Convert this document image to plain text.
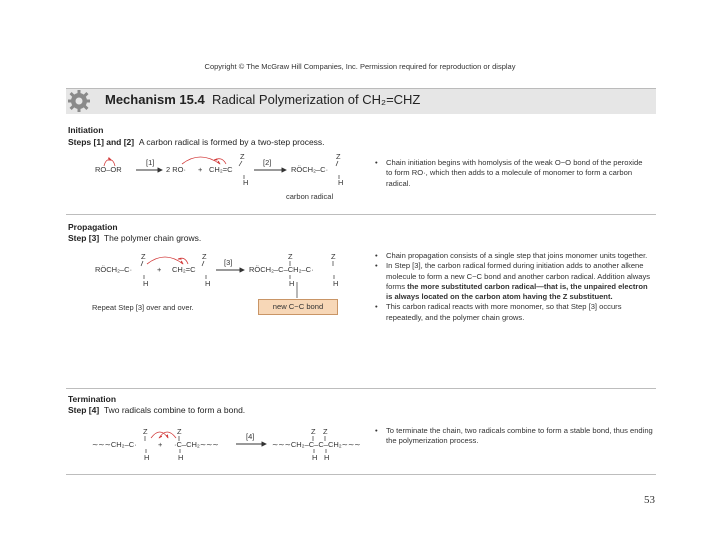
Copyright © The McGraw Hill Companies, Inc. Permission required for reproduction or display
Mechanism 15.4 Radical Polymerization of CH₂=CHZ
Initiation
Steps [1] and [2] A carbon radical is formed by a two-step process.
RO–OR
[1]
2 RO· + CH₂=C
Z
H
[2]
RÖCH₂–C·
Z
H
carbon radical
• Chain initiation begins with homolysis of the weak O−O bond of the peroxide to form RO·, which then adds to a molecule of monomer to form a carbon radical.
Propagation
Step [3] The polymer chain grows.
RÖCH₂–C·
Z
H
+ CH₂=C
Z
H
[3]
RÖCH₂–C–CH₂–C·
Z
H
Z
H
Repeat Step [3] over and over.	new C−C bond
• Chain propagation consists of a single step that joins monomer units together.
• In Step [3], the carbon radical formed during initiation adds to another alkene molecule to form a new C−C bond and another carbon radical. Addition always forms the more substituted carbon radical—that is, the unpaired electron is always located on the carbon atom having the Z substituent.
• This carbon radical reacts with more monomer, so that Step [3] occurs repeatedly, and the polymer chain grows.
Termination
Step [4] Two radicals combine to form a bond.
∼∼∼CH₂–C·
Z
H
+ ·C–CH₂∼∼∼
Z
H
[4]
∼∼∼CH₂–C–C–CH₂∼∼∼
Z Z
H H
• To terminate the chain, two radicals combine to form a stable bond, thus ending the polymerization process.
53
